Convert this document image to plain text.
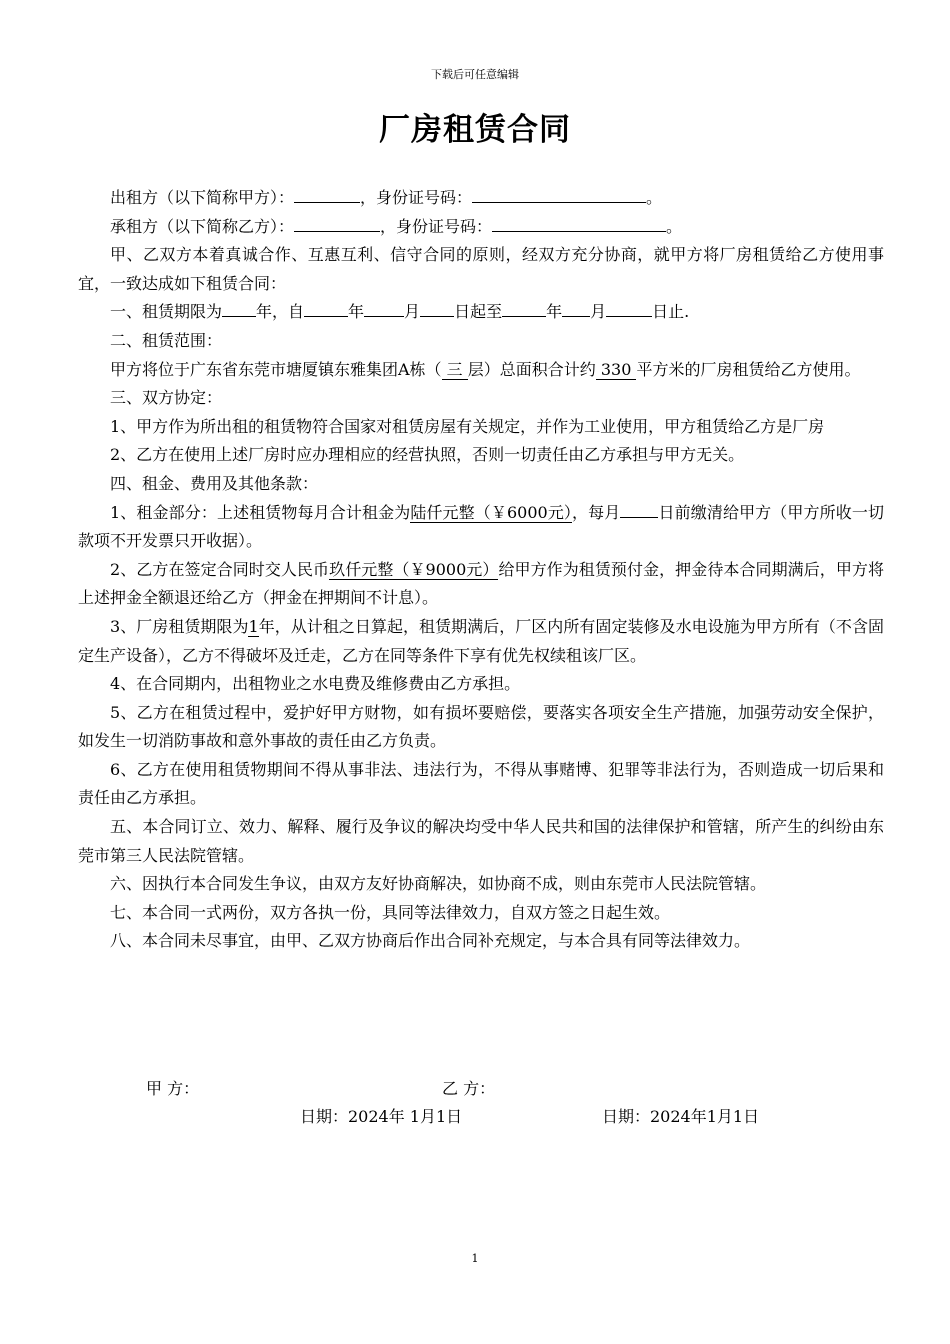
下载后可任意编辑
厂房租赁合同

出租方（以下简称甲方）：	，身份证号码：	。

承租方（以下简称乙方）：	，身份证号码：	。

甲、乙双方本着真诚合作、互惠互利、信守合同的原则，经双方充分协商，就甲方将厂房租赁给乙方使用事宜，一致达成如下租赁合同：

一、租赁期限为 年，自	年	月 日起至	年 月	日止.

二、租赁范围：

甲方将位于广东省东莞市塘厦镇东雅集团A栋（ 三 层）总面积合计约 330 平方米的厂房租赁给乙方使用。

三、双方协定：

1、甲方作为所出租的租赁物符合国家对租赁房屋有关规定，并作为工业使用，甲方租赁给乙方是厂房

2、乙方在使用上述厂房时应办理相应的经营执照，否则一切责任由乙方承担与甲方无关。

四、租金、费用及其他条款：

1、租金部分：上述租赁物每月合计租金为陆仟元整（￥6000元），每月 日前缴清给甲方（甲方所收一切款项不开发票只开收据）。

2、乙方在签定合同时交人民币玖仟元整（￥9000元）给甲方作为租赁预付金，押金待本合同期满后，甲方将上述押金全额退还给乙方（押金在押期间不计息）。

3、厂房租赁期限为1年，从计租之日算起，租赁期满后，厂区内所有固定装修及水电设施为甲方所有（不含固定生产设备），乙方不得破坏及迁走，乙方在同等条件下享有优先权续租该厂区。

4、在合同期内，出租物业之水电费及维修费由乙方承担。

5、乙方在租赁过程中，爱护好甲方财物，如有损坏要赔偿，要落实各项安全生产措施，加强劳动安全保护，如发生一切消防事故和意外事故的责任由乙方负责。

6、乙方在使用租赁物期间不得从事非法、违法行为，不得从事赌博、犯罪等非法行为，否则造成一切后果和责任由乙方承担。

五、本合同订立、效力、解释、履行及争议的解决均受中华人民共和国的法律保护和管辖，所产生的纠纷由东莞市第三人民法院管辖。

六、因执行本合同发生争议，由双方友好协商解决，如协商不成，则由东莞市人民法院管辖。

七、本合同一式两份，双方各执一份，具同等法律效力，自双方签之日起生效。

八、本合同未尽事宜，由甲、乙双方协商后作出合同补充规定，与本合具有同等法律效力。

甲 方：	乙 方：
日期：2024年 1月1日	日期：2024年1月1日
1
